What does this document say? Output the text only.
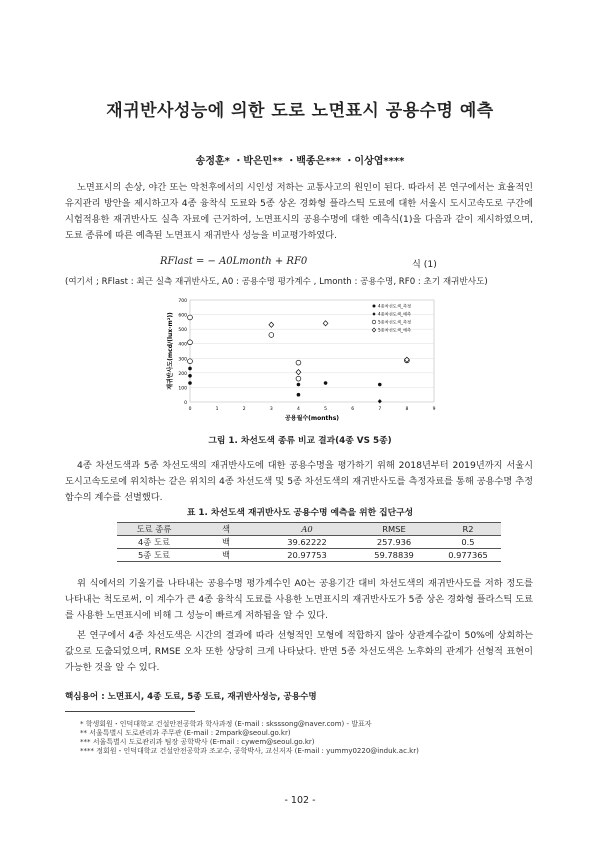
재귀반사성능에 의한 도로 노면표시 공용수명 예측
송정훈* ・박은민** ・백종은*** ・이상엽****
노면표시의 손상, 야간 또는 악천후에서의 시인성 저하는 교통사고의 원인이 된다. 따라서 본 연구에서는 효율적인 유지관리 방안을 제시하고자 4종 융착식 도료와 5종 상온 경화형 플라스틱 도료에 대한 서울시 도시고속도로 구간에 시험적용한 재귀반사도 실측 자료에 근거하여, 노면표시의 공용수명에 대한 예측식(1)을 다음과 같이 제시하였으며, 도료 종류에 따른 예측된 노면표시 재귀반사 성능을 비교평가하였다.
RFlast = − A0Lmonth + RF0	식 (1)
(여기서 ; RFlast : 최근 실측 재귀반사도, A0 : 공용수명 평가계수 , Lmonth : 공용수명, RF0 : 초기 재귀반사도)
0
100
200
300
400
500
600
700
0	1	2	3	4	5	6	7	8	9
4종차선도색_측정
4종차선도색_예측
5종차선도색_측정
5종차선도색_예측
공용월수(months)
재귀반사도(mcd/(lux·m²))
그림 1. 차선도색 종류 비교 결과(4종 VS 5종)
4종 차선도색과 5종 차선도색의 재귀반사도에 대한 공용수명을 평가하기 위해 2018년부터 2019년까지 서울시 도시고속도로에 위치하는 같은 위치의 4종 차선도색 및 5종 차선도색의 재귀반사도를 측정자료를 통해 공용수명 추정함수의 계수를 선별했다.
표 1. 차선도색 재귀반사도 공용수명 예측을 위한 집단구성
도료 종류	색	A0	RMSE	R2
4종 도료	백	39.62222	257.936	0.5
5종 도료	백	20.97753	59.78839	0.977365
위 식에서의 기울기를 나타내는 공용수명 평가계수인 A0는 공용기간 대비 차선도색의 재귀반사도를 저하 정도를 나타내는 척도로써, 이 계수가 큰 4종 융착식 도료를 사용한 노면표시의 재귀반사도가 5종 상온 경화형 플라스틱 도료를 사용한 노면표시에 비해 그 성능이 빠르게 저하됨을 알 수 있다.
본 연구에서 4종 차선도색은 시간의 결과에 따라 선형적인 모형에 적합하지 않아 상관계수값이 50%에 상회하는 값으로 도출되었으며, RMSE 오차 또한 상당히 크게 나타났다. 반면 5종 차선도색은 노후화의 관계가 선형적 표현이 가능한 것을 알 수 있다.
핵심용어 : 노면표시, 4종 도료, 5종 도료, 재귀반사성능, 공용수명
* 학생회원・인덕대학교 건설안전공학과 학사과정 (E-mail : sksssong@naver.com) - 발표자
** 서울특별시 도로관리과 주무관 (E-mail : 2mpark@seoul.go.kr)
*** 서울특별시 도로관리과 팀장 공학박사 (E-mail : cywem@seoul.go.kr)
**** 정회원・인덕대학교 건설안전공학과 조교수, 공학박사, 교신저자 (E-mail : yummy0220@induk.ac.kr)
- 102 -
